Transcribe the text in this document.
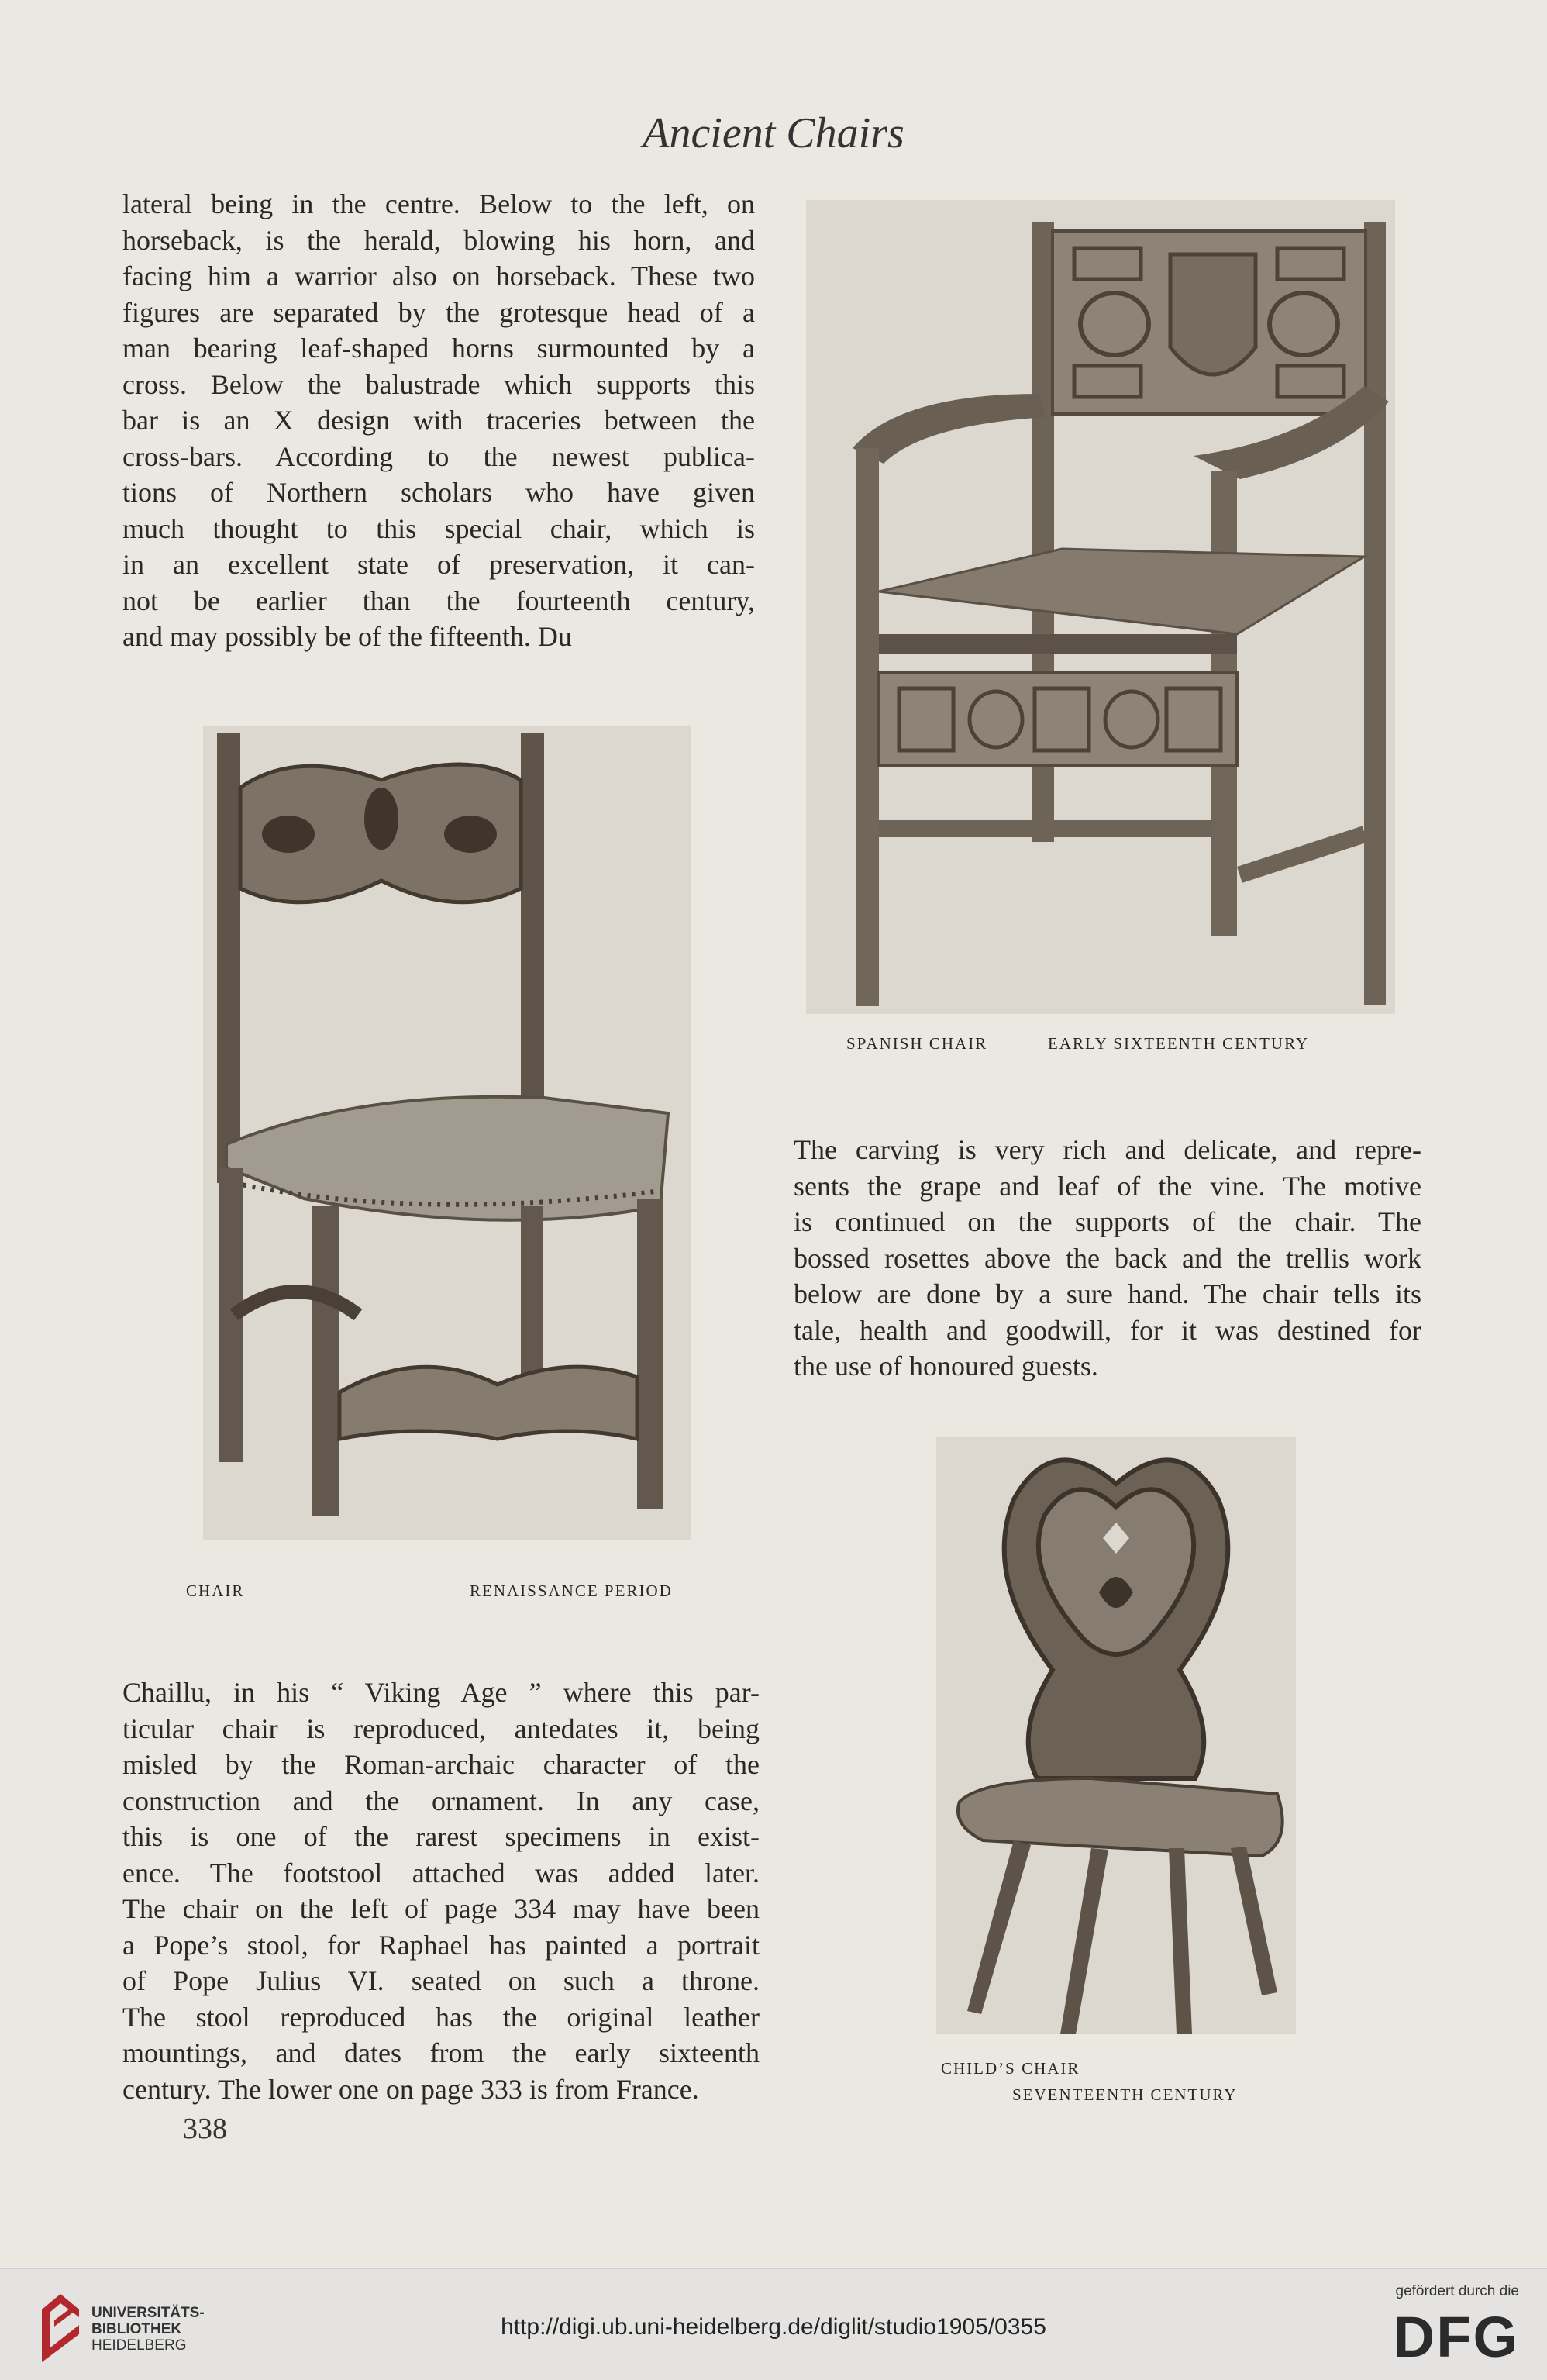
Ancient Chairs
lateral being in the centre. Below to the left, on
horseback, is the herald, blowing his horn, and
facing him a warrior also on horseback. These two
figures are separated by the grotesque head of a
man bearing leaf-shaped horns surmounted by a
cross. Below the balustrade which supports this
bar is an X design with traceries between the
cross-bars. According to the newest publica-
tions of Northern scholars who have given
much thought to this special chair, which is
in an excellent state of preservation, it can-
not be earlier than the fourteenth century,
and may possibly be of the fifteenth. Du
SPANISH CHAIR	EARLY SIXTEENTH CENTURY
CHAIR	RENAISSANCE PERIOD
The carving is very rich and delicate, and repre-
sents the grape and leaf of the vine. The motive
is continued on the supports of the chair. The
bossed rosettes above the back and the trellis work
below are done by a sure hand. The chair tells its
tale, health and goodwill, for it was destined for
the use of honoured guests.
CHILD’S CHAIR
SEVENTEENTH CENTURY
Chaillu, in his “ Viking Age ” where this par-
ticular chair is reproduced, antedates it, being
misled by the Roman-archaic character of the
construction and the ornament. In any case,
this is one of the rarest specimens in exist-
ence. The footstool attached was added later.
The chair on the left of page 334 may have been
a Pope’s stool, for Raphael has painted a portrait
of Pope Julius VI. seated on such a throne.
The stool reproduced has the original leather
mountings, and dates from the early sixteenth
century. The lower one on page 333 is from France.
338
UNIVERSITÄTS-
BIBLIOTHEK
HEIDELBERG
http://digi.ub.uni-heidelberg.de/diglit/studio1905/0355
gefördert durch die
DFG
